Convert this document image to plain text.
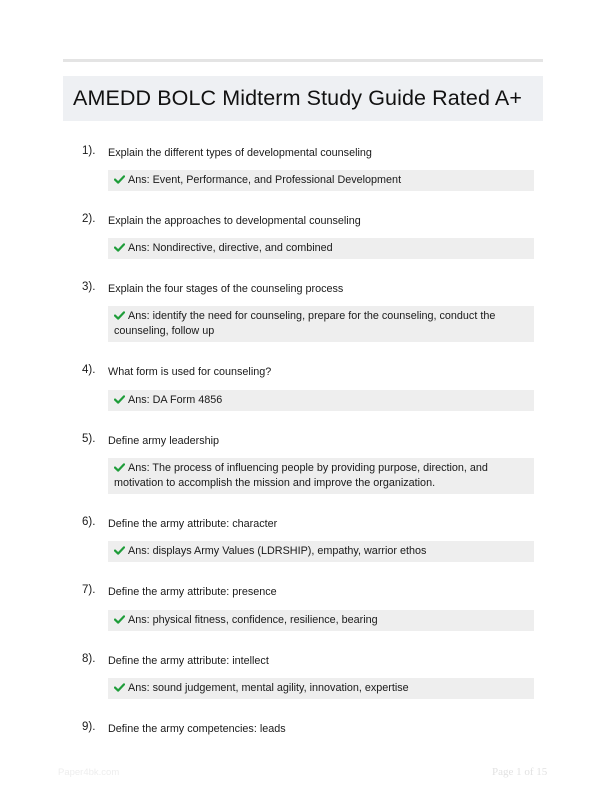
AMEDD BOLC Midterm Study Guide Rated A+
1). Explain the different types of developmental counseling
Ans: Event, Performance, and Professional Development
2). Explain the approaches to developmental counseling
Ans: Nondirective, directive, and combined
3). Explain the four stages of the counseling process
Ans: identify the need for counseling, prepare for the counseling, conduct the
counseling, follow up
4). What form is used for counseling?
Ans: DA Form 4856
5). Define army leadership
Ans: The process of influencing people by providing purpose, direction, and
motivation to accomplish the mission and improve the organization.
6). Define the army attribute: character
Ans: displays Army Values (LDRSHIP), empathy, warrior ethos
7). Define the army attribute: presence
Ans: physical fitness, confidence, resilience, bearing
8). Define the army attribute: intellect
Ans: sound judgement, mental agility, innovation, expertise
9). Define the army competencies: leads
Paper4bk.com	Page 1 of 15
